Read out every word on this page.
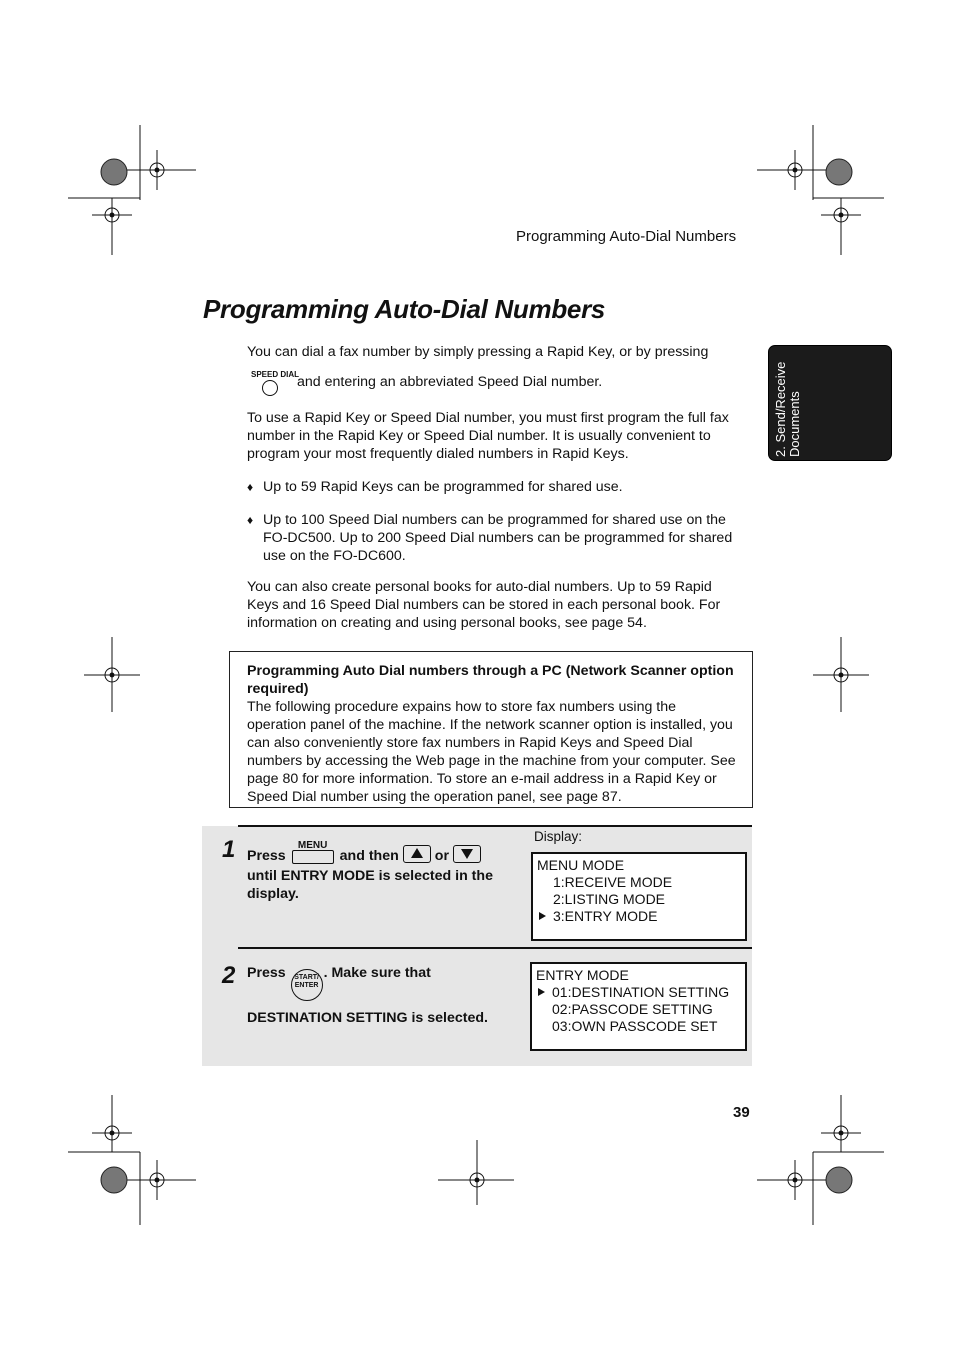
Programming Auto-Dial Numbers
Programming Auto-Dial Numbers
2. Send/Receive Documents
You can dial a fax number by simply pressing a Rapid Key, or by pressing
SPEED DIAL
and entering an abbreviated Speed Dial number.
To use a Rapid Key or Speed Dial number, you must first program the full fax
number in the Rapid Key or Speed Dial number. It is usually convenient to
program your most frequently dialed numbers in Rapid Keys.
♦ Up to 59 Rapid Keys can be programmed for shared use.
♦ Up to 100 Speed Dial numbers can be programmed for shared use on the
FO-DC500. Up to 200 Speed Dial numbers can be programmed for shared
use on the FO-DC600.
You can also create personal books for auto-dial numbers. Up to 59 Rapid
Keys and 16 Speed Dial numbers can be stored in each personal book. For
information on creating and using personal books, see page 54.
Programming Auto Dial numbers through a PC (Network Scanner option
required)
The following procedure expains how to store fax numbers using the
operation panel of the machine. If the network scanner option is installed, you
can also conveniently store fax numbers in Rapid Keys and Speed Dial
numbers by accessing the Web page in the machine from your computer. See
page 80 for more information. To store an e-mail address in a Rapid Key or
Speed Dial number using the operation panel, see page 87.
Display:
1 Press
MENU
and then	or
until ENTRY MODE is selected in the
display.
MENU MODE
1:RECEIVE MODE
2:LISTING MODE
3:ENTRY MODE
2 Press	START/
ENTER
. Make sure that
DESTINATION SETTING is selected.
ENTRY MODE
01:DESTINATION SETTING
02:PASSCODE SETTING
03:OWN PASSCODE SET
39
